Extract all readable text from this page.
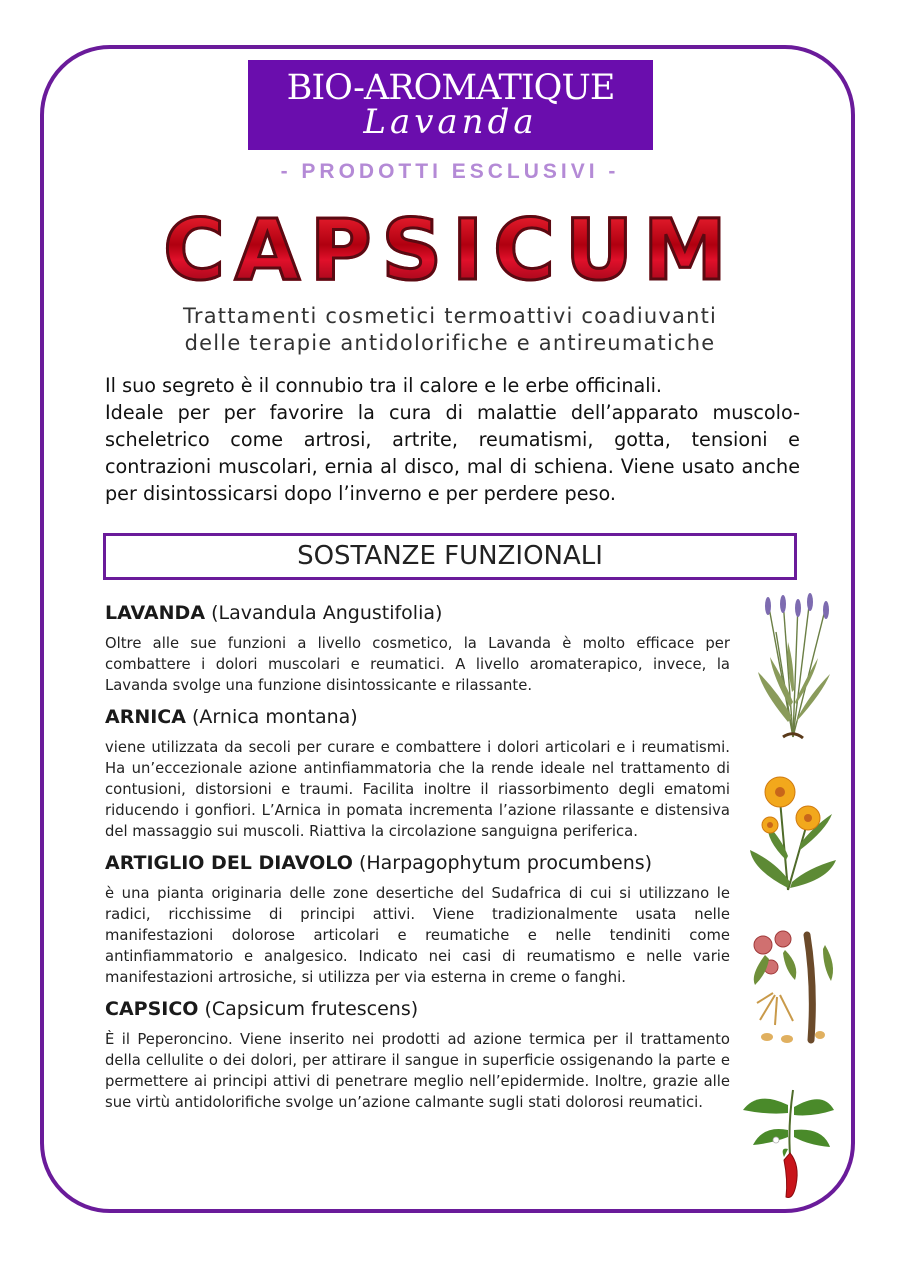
BIO-AROMATIQUE
Lavanda
- PRODOTTI ESCLUSIVI -
CAPSICUM
Trattamenti cosmetici termoattivi coadiuvanti
delle terapie antidolorifiche e antireumatiche

Il suo segreto è il connubio tra il calore e le erbe officinali.

Ideale per per favorire la cura di malattie dell’apparato muscolo-scheletrico come artrosi, artrite, reumatismi, gotta, tensioni e contrazioni muscolari, ernia al disco, mal di schiena. Viene usato anche per disintossicarsi dopo l’inverno e per perdere peso.

SOSTANZE FUNZIONALI
LAVANDA (Lavandula Angustifolia)

Oltre alle sue funzioni a livello cosmetico, la Lavanda è molto efficace per combattere i dolori muscolari e reumatici. A livello aromaterapico, invece, la Lavanda svolge una funzione disintossicante e rilassante.

ARNICA (Arnica montana)

viene utilizzata da secoli per curare e combattere i dolori articolari e i reumatismi. Ha un’eccezionale azione antinfiammatoria che la rende ideale nel trattamento di contusioni, distorsioni e traumi. Facilita inoltre il riassorbimento degli ematomi riducendo i gonfiori. L’Arnica in pomata incrementa l’azione rilassante e distensiva del massaggio sui muscoli. Riattiva la circolazione sanguigna periferica.

ARTIGLIO DEL DIAVOLO (Harpagophytum procumbens)

è una pianta originaria delle zone desertiche del Sudafrica di cui si utilizzano le radici, ricchissime di principi attivi. Viene tradizionalmente usata nelle manifestazioni dolorose articolari e reumatiche e nelle tendiniti come antinfiammatorio e analgesico. Indicato nei casi di reumatismo e nelle varie manifestazioni artrosiche, si utilizza per via esterna in creme o fanghi.

CAPSICO (Capsicum frutescens)

È il Peperoncino. Viene inserito nei prodotti ad azione termica per il trattamento della cellulite o dei dolori, per attirare il sangue in superficie ossigenando la parte e permettere ai principi attivi di penetrare meglio nell’epidermide. Inoltre, grazie alle sue virtù antidolorifiche svolge un’azione calmante sugli stati dolorosi reumatici.
